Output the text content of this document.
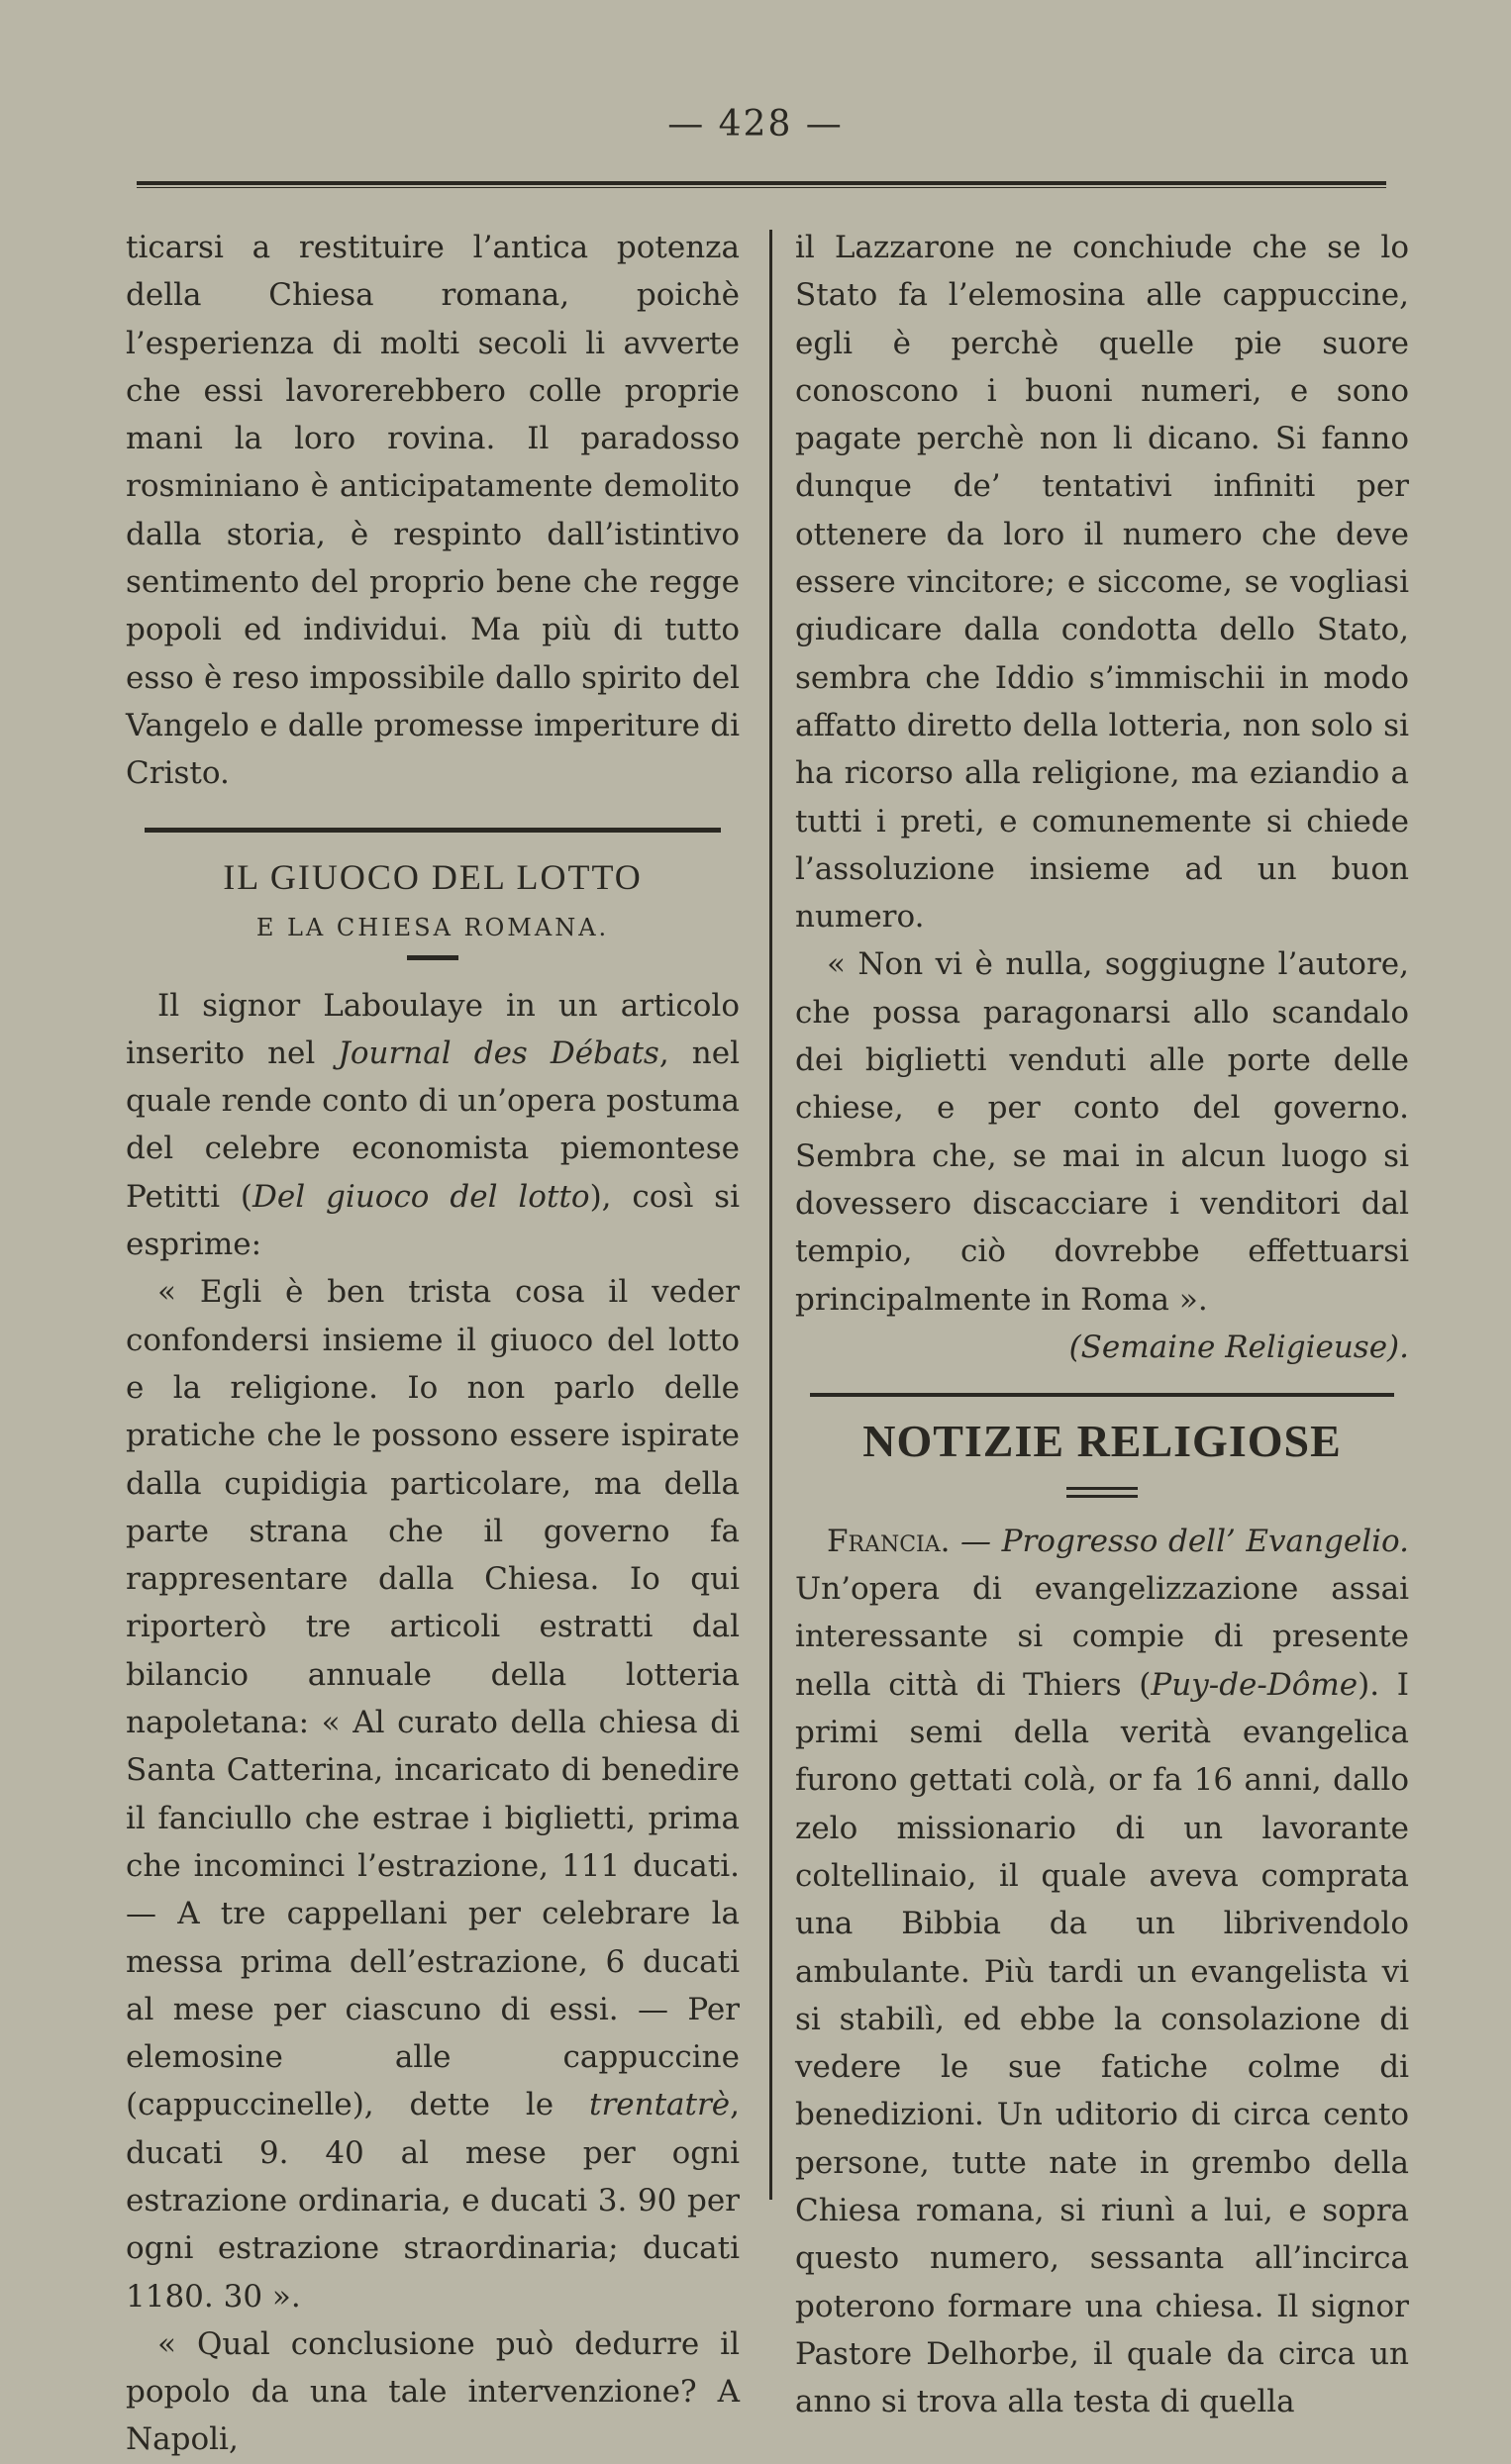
— 428 —

ticarsi a restituire l’antica potenza della Chiesa romana, poichè l’esperienza di molti secoli li avverte che essi lavorerebbero colle proprie mani la loro rovina. Il paradosso rosminiano è anticipatamente demolito dalla storia, è respinto dall’istintivo sentimento del proprio bene che regge popoli ed individui. Ma più di tutto esso è reso impossibile dallo spirito del Vangelo e dalle promesse imperiture di Cristo.

IL GIUOCO DEL LOTTO

E LA CHIESA ROMANA.

Il signor Laboulaye in un articolo inserito nel Journal des Débats, nel quale rende conto di un’opera postuma del celebre economista piemontese Petitti (Del giuoco del lotto), così si esprime:

« Egli è ben trista cosa il veder confondersi insieme il giuoco del lotto e la religione. Io non parlo delle pratiche che le possono essere ispirate dalla cupidigia particolare, ma della parte strana che il governo fa rappresentare dalla Chiesa. Io qui riporterò tre articoli estratti dal bilancio annuale della lotteria napoletana: « Al curato della chiesa di Santa Catterina, incaricato di benedire il fanciullo che estrae i biglietti, prima che incominci l’estrazione, 111 ducati. — A tre cappellani per celebrare la messa prima dell’estrazione, 6 ducati al mese per ciascuno di essi. — Per elemosine alle cappuccine (cappuccinelle), dette le trentatrè, ducati 9. 40 al mese per ogni estrazione ordinaria, e ducati 3. 90 per ogni estrazione straordinaria; ducati 1180. 30 ».

« Qual conclusione può dedurre il popolo da una tale intervenzione? A Napoli,

il Lazzarone ne conchiude che se lo Stato fa l’elemosina alle cappuccine, egli è perchè quelle pie suore conoscono i buoni numeri, e sono pagate perchè non li dicano. Si fanno dunque de’ tentativi infiniti per ottenere da loro il numero che deve essere vincitore; e siccome, se vogliasi giudicare dalla condotta dello Stato, sembra che Iddio s’immischii in modo affatto diretto della lotteria, non solo si ha ricorso alla religione, ma eziandio a tutti i preti, e comunemente si chiede l’assoluzione insieme ad un buon numero.

« Non vi è nulla, soggiugne l’autore, che possa paragonarsi allo scandalo dei biglietti venduti alle porte delle chiese, e per conto del governo. Sembra che, se mai in alcun luogo si dovessero discacciare i venditori dal tempio, ciò dovrebbe effettuarsi principalmente in Roma ».

(Semaine Religieuse).

NOTIZIE RELIGIOSE

Francia. — Progresso dell’ Evangelio. Un’opera di evangelizzazione assai interessante si compie di presente nella città di Thiers (Puy-de-Dôme). I primi semi della verità evangelica furono gettati colà, or fa 16 anni, dallo zelo missionario di un lavorante coltellinaio, il quale aveva comprata una Bibbia da un librivendolo ambulante. Più tardi un evangelista vi si stabilì, ed ebbe la consolazione di vedere le sue fatiche colme di benedizioni. Un uditorio di circa cento persone, tutte nate in grembo della Chiesa romana, si riunì a lui, e sopra questo numero, sessanta all’incirca poterono formare una chiesa. Il signor Pastore Delhorbe, il quale da circa un anno si trova alla testa di quella
